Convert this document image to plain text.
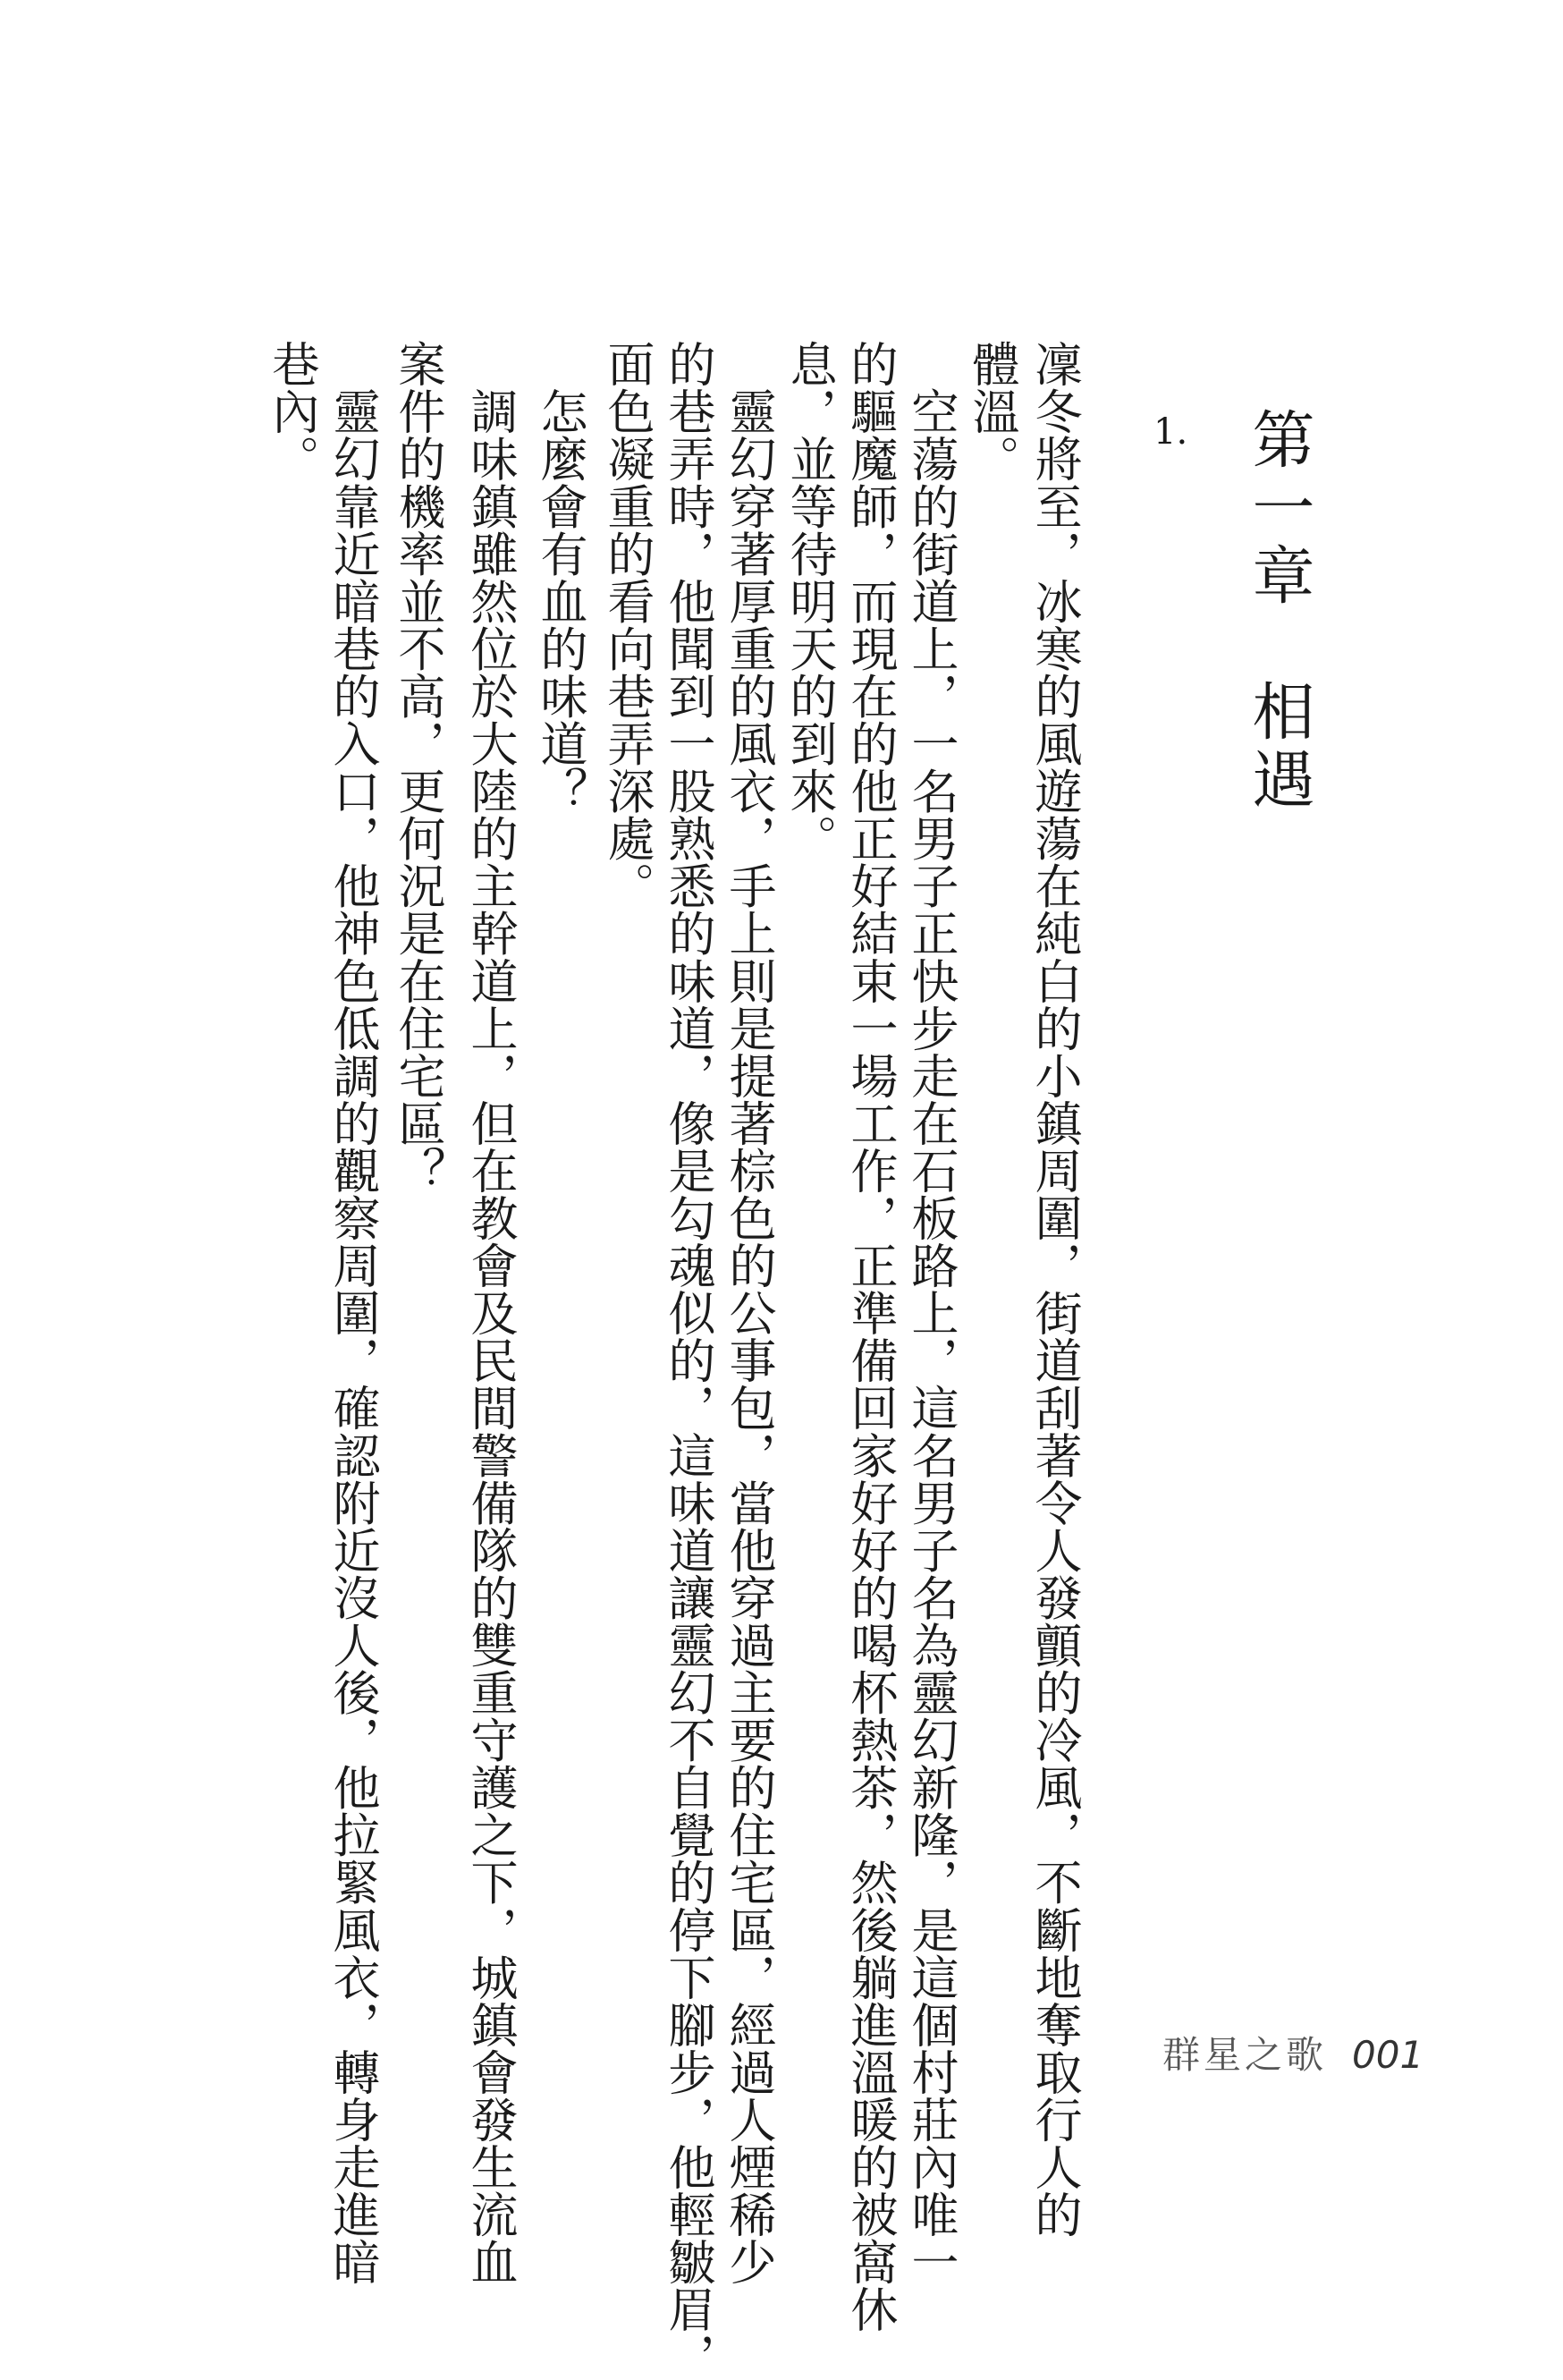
第一章　相遇
1.
凜冬將至，冰寒的風遊蕩在純白的小鎮周圍，街道刮著令人發顫的冷風，不斷地奪取行人的
體溫。
　空蕩的街道上，一名男子正快步走在石板路上，這名男子名為靈幻新隆，是這個村莊內唯一
的驅魔師，而現在的他正好結束一場工作，正準備回家好好的喝杯熱茶，然後躺進溫暖的被窩休
息，並等待明天的到來。
　靈幻穿著厚重的風衣，手上則是提著棕色的公事包，當他穿過主要的住宅區，經過人煙稀少
的巷弄時，他聞到一股熟悉的味道，像是勾魂似的，這味道讓靈幻不自覺的停下腳步，他輕皺眉，
面色凝重的看向巷弄深處。
　怎麼會有血的味道？
　調味鎮雖然位於大陸的主幹道上，但在教會及民間警備隊的雙重守護之下，城鎮會發生流血
案件的機率並不高，更何況是在住宅區？
　靈幻靠近暗巷的入口，他神色低調的觀察周圍，確認附近沒人後，他拉緊風衣，轉身走進暗
巷內。
群星之歌 001
